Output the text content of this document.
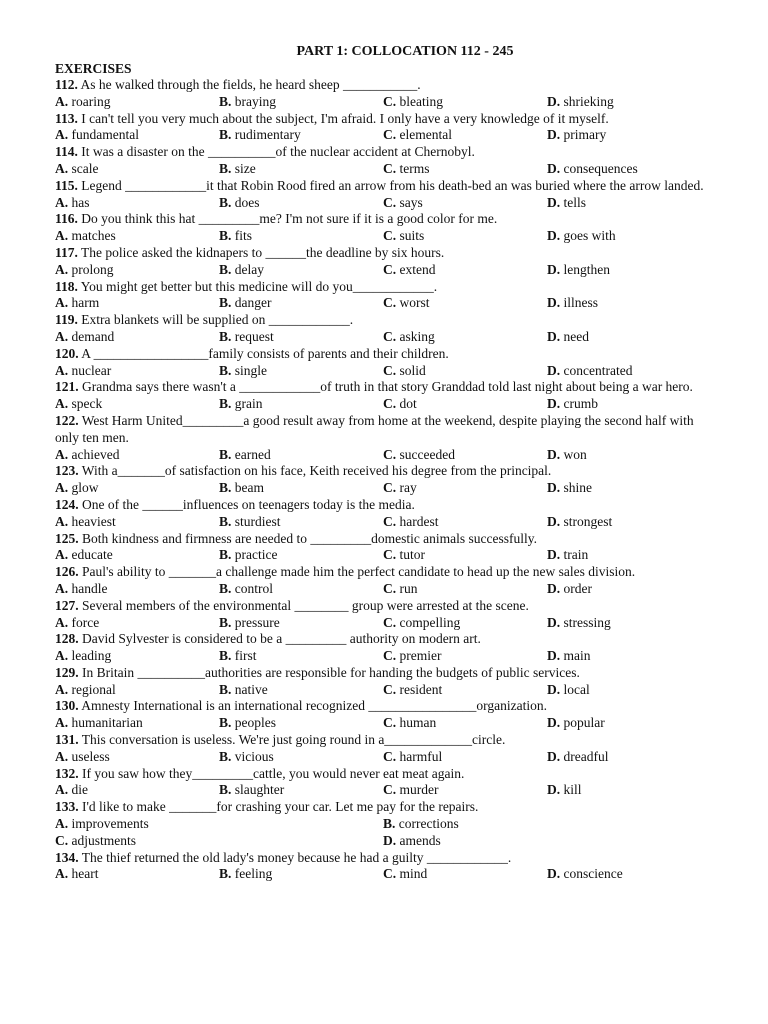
PART 1: COLLOCATION 112 - 245
EXERCISES
112. As he walked through the fields, he heard sheep ___________.
A. roaring	B. braying	C. bleating	D. shrieking
113. I can't tell you very much about the subject, I'm afraid. I only have a very knowledge of it myself.
A. fundamental	B. rudimentary	C. elemental	D. primary
114. It was a disaster on the __________of the nuclear accident at Chernobyl.
A. scale	B. size	C. terms	D. consequences
115. Legend ____________it that Robin Rood fired an arrow from his death-bed an was buried where the arrow landed.
A. has	B. does	C. says	D. tells
116. Do you think this hat _________me? I'm not sure if it is a good color for me.
A. matches	B. fits	C. suits	D. goes with
117. The police asked the kidnapers to ______the deadline by six hours.
A. prolong	B. delay	C. extend	D. lengthen
118. You might get better but this medicine will do you____________.
A. harm	B. danger	C. worst	D. illness
119. Extra blankets will be supplied on ____________.
A. demand	B. request	C. asking	D. need
120. A _________________family consists of parents and their children.
A. nuclear	B. single	C. solid	D. concentrated
121. Grandma says there wasn't a ____________of truth in that story Granddad told last night about being a war hero.
A. speck	B. grain	C. dot	D. crumb
122. West Harm United_________a good result away from home at the weekend, despite playing the second half with only ten men.
A. achieved	B. earned	C. succeeded	D. won
123. With a_______of satisfaction on his face, Keith received his degree from the principal.
A. glow	B. beam	C. ray	D. shine
124. One of the ______influences on teenagers today is the media.
A. heaviest	B. sturdiest	C. hardest	D. strongest
125. Both kindness and firmness are needed to _________domestic animals successfully.
A. educate	B. practice	C. tutor	D. train
126. Paul's ability to _______a challenge made him the perfect candidate to head up the new sales division.
A. handle	B. control	C. run	D. order
127. Several members of the environmental ________ group were arrested at the scene.
A. force	B. pressure	C. compelling	D. stressing
128. David Sylvester is considered to be a _________ authority on modern art.
A. leading	B. first	C. premier	D. main
129. In Britain __________authorities are responsible for handing the budgets of public services.
A. regional	B. native	C. resident	D. local
130. Amnesty International is an international recognized ________________organization.
A. humanitarian	B. peoples	C. human	D. popular
131. This conversation is useless. We're just going round in a_____________circle.
A. useless	B. vicious	C. harmful	D. dreadful
132. If you saw how they_________cattle, you would never eat meat again.
A. die	B. slaughter	C. murder	D. kill
133. I'd like to make _______for crashing your car. Let me pay for the repairs.
A. improvements	B. corrections
C. adjustments	D. amends
134. The thief returned the old lady's money because he had a guilty ____________.
A. heart	B. feeling	C. mind	D. conscience
